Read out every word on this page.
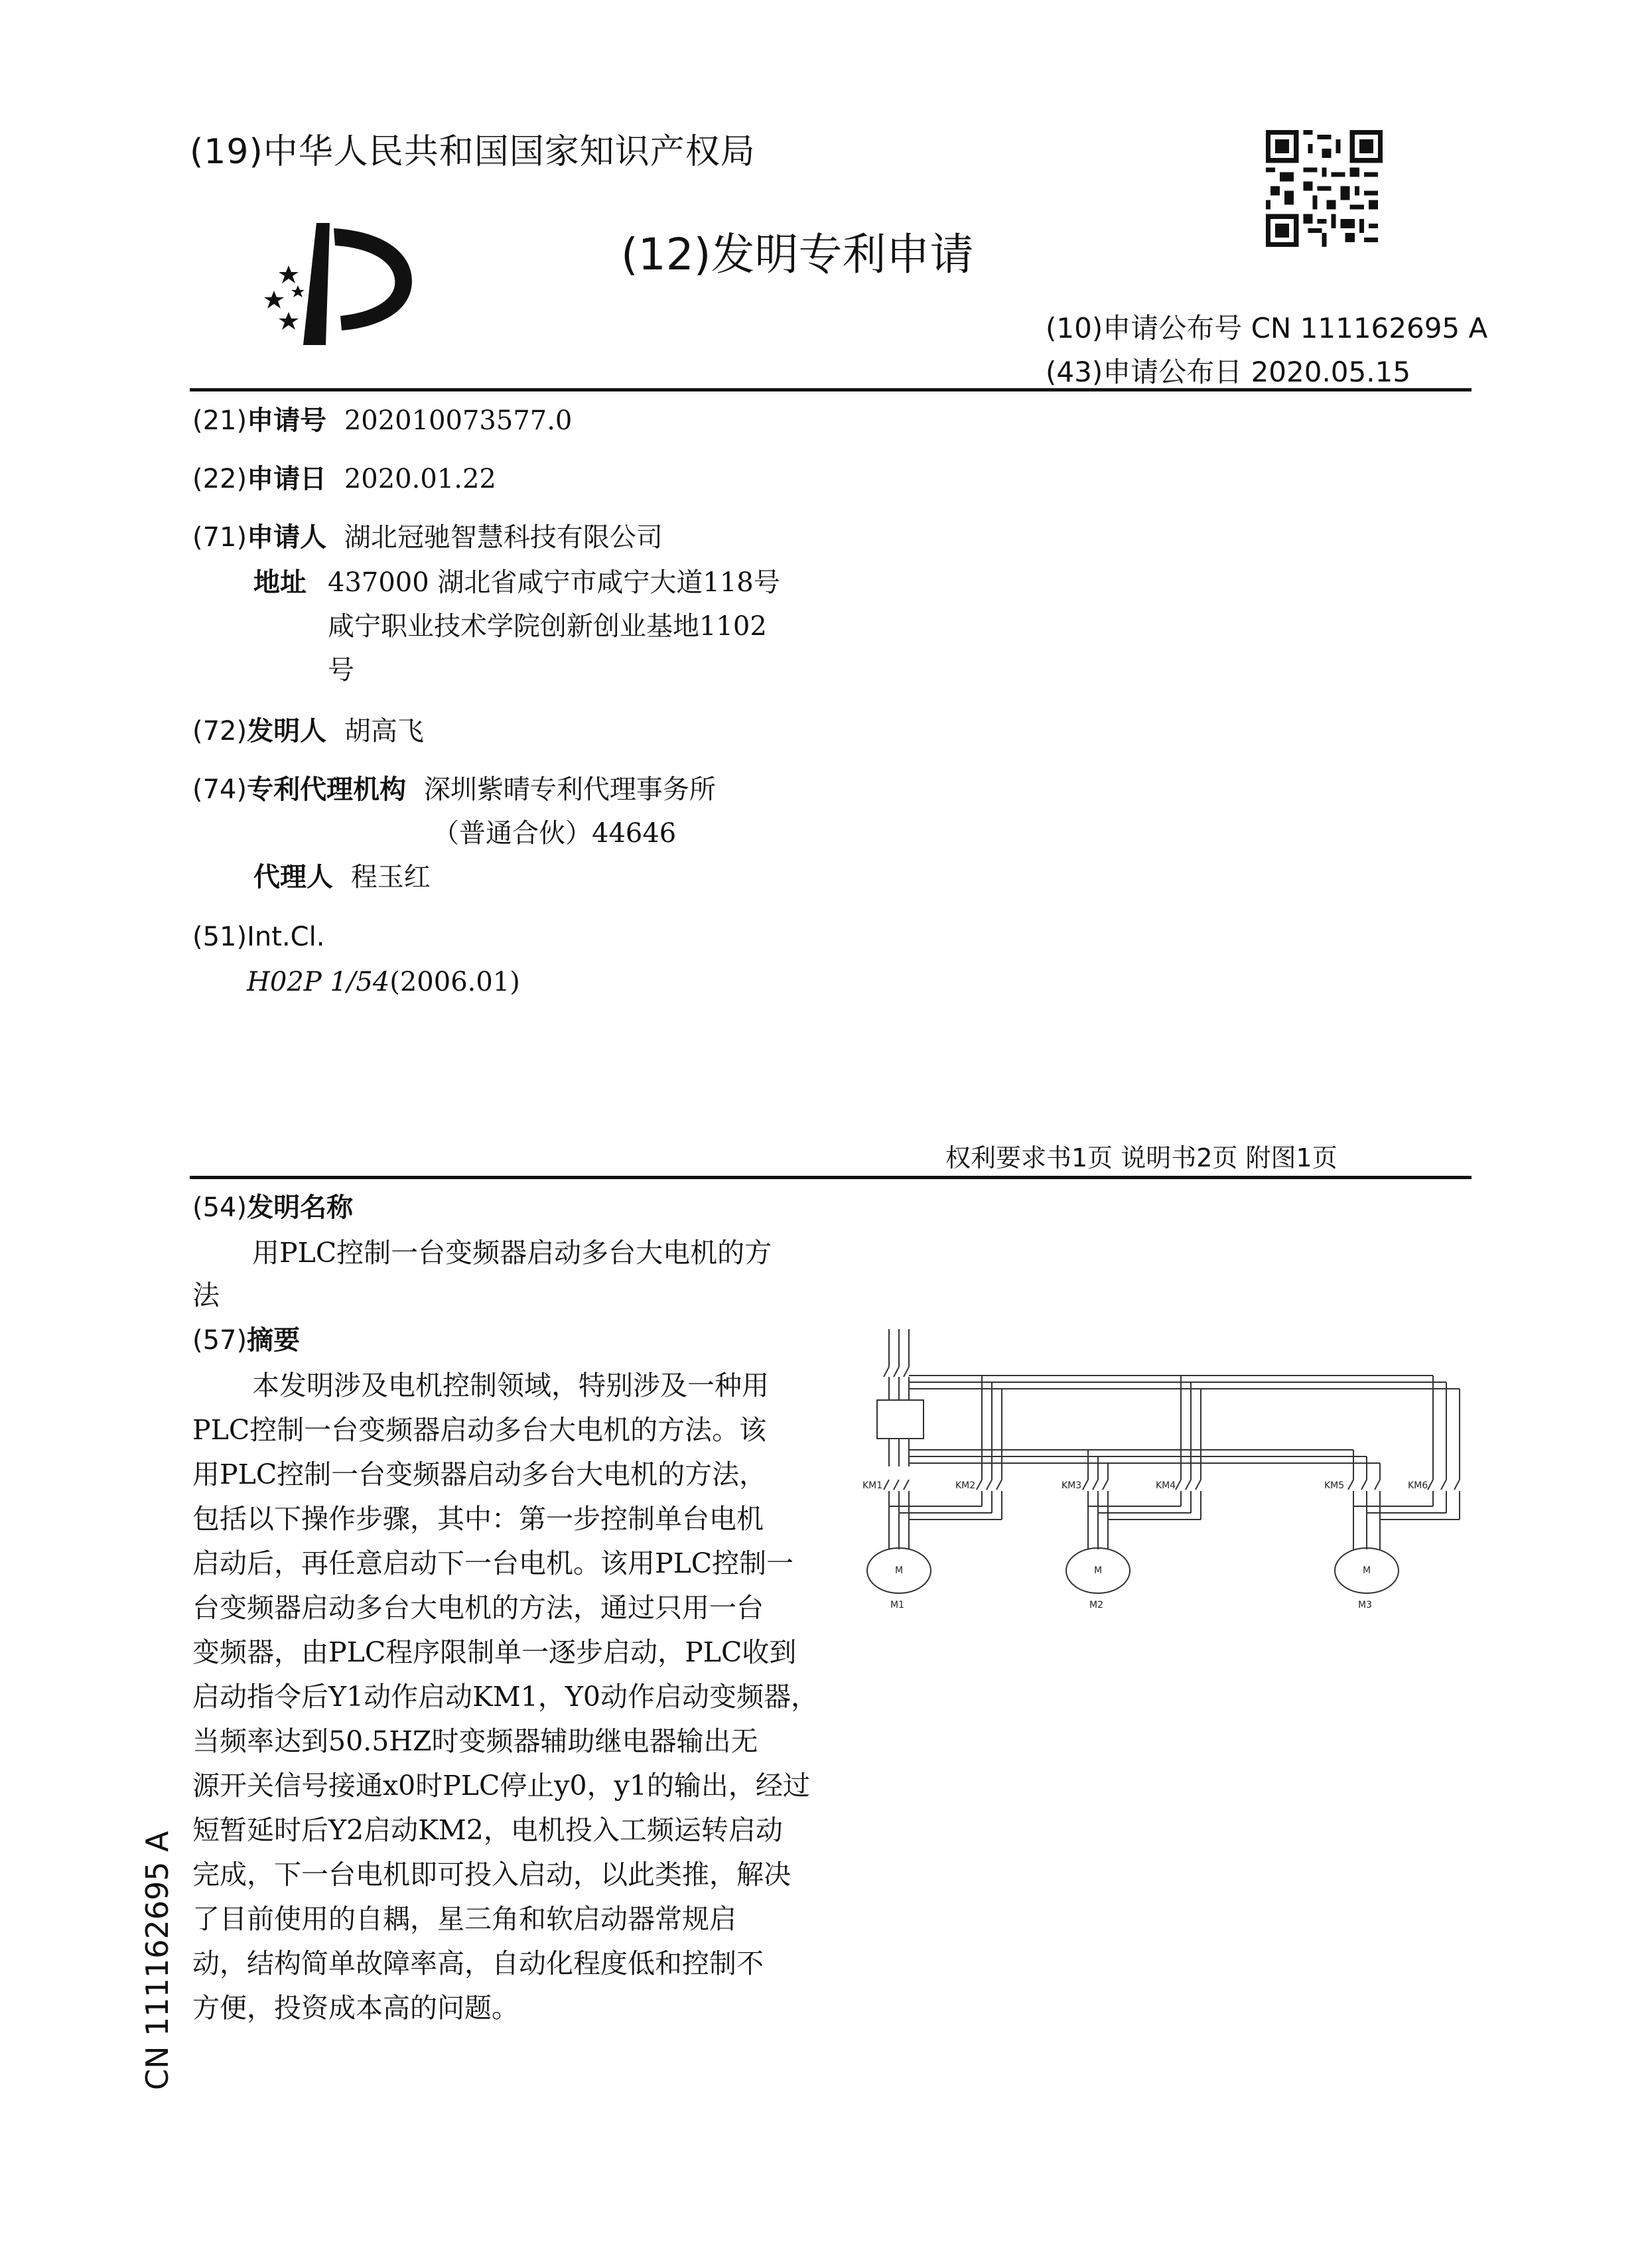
(19)中华人民共和国国家知识产权局
(12)发明专利申请
(10)申请公布号 CN 111162695 A
(43)申请公布日 2020.05.15
(21)申请号 202010073577.0
(22)申请日 2020.01.22
(71)申请人 湖北冠驰智慧科技有限公司
地址 437000 湖北省咸宁市咸宁大道118号
咸宁职业技术学院创新创业基地1102
号
(72)发明人 胡高飞
(74)专利代理机构 深圳紫晴专利代理事务所
（普通合伙）44646
代理人 程玉红
(51)Int.Cl.
H02P 1/54(2006.01)
权利要求书1页 说明书2页 附图1页
(54)发明名称
用PLC控制一台变频器启动多台大电机的方
法
(57)摘要
本发明涉及电机控制领域，特别涉及一种用
PLC控制一台变频器启动多台大电机的方法。该
用PLC控制一台变频器启动多台大电机的方法，
包括以下操作步骤，其中：第一步控制单台电机
启动后，再任意启动下一台电机。该用PLC控制一
台变频器启动多台大电机的方法，通过只用一台
变频器，由PLC程序限制单一逐步启动，PLC收到
启动指令后Y1动作启动KM1，Y0动作启动变频器，
当频率达到50.5HZ时变频器辅助继电器输出无
源开关信号接通x0时PLC停止y0，y1的输出，经过
短暂延时后Y2启动KM2，电机投入工频运转启动
完成，下一台电机即可投入启动，以此类推，解决
了目前使用的自耦，星三角和软启动器常规启
动，结构简单故障率高，自动化程度低和控制不
方便，投资成本高的问题。
KM1	KM2	KM3	KM4	KM5	KM6
M	M	M
M1	M2	M3
CN 111162695 A
